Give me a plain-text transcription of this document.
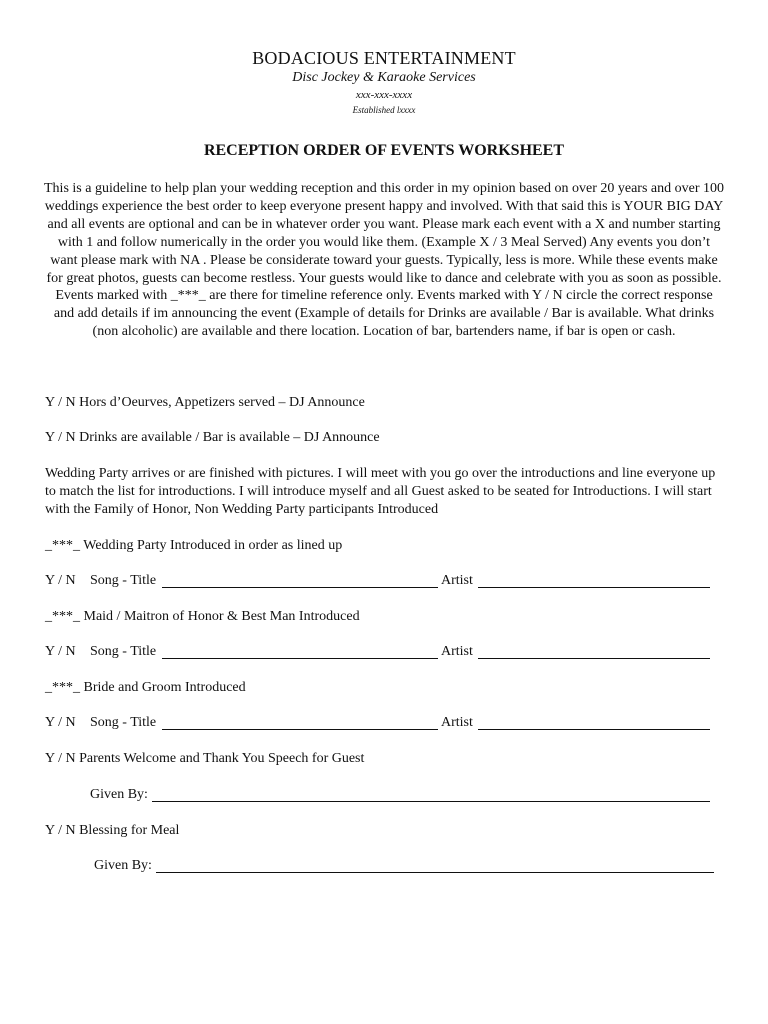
BODACIOUS ENTERTAINMENT
Disc Jockey & Karaoke Services
xxx-xxx-xxxx
Established lxxxx
RECEPTION ORDER OF EVENTS WORKSHEET
This is a guideline to help plan your wedding reception and this order in my opinion based on over 20 years and over 100 weddings experience the best order to keep everyone present happy and involved. With that said this is YOUR BIG DAY and all events are optional and can be in whatever order you want. Please mark each event with a X and number starting with 1 and follow numerically in the order you would like them. (Example X / 3 Meal Served) Any events you don’t want please mark with NA . Please be considerate toward your guests. Typically, less is more. While these events make for great photos, guests can become restless. Your guests would like to dance and celebrate with you as soon as possible. Events marked with _***_ are there for timeline reference only. Events marked with Y / N circle the correct response and add details if im announcing the event (Example of details for Drinks are available / Bar is available. What drinks (non alcoholic) are available and there location. Location of bar, bartenders name, if bar is open or cash.
Y / N Hors d’Oeurves, Appetizers served – DJ Announce
Y / N Drinks are available / Bar is available – DJ Announce
Wedding Party arrives or are finished with pictures. I will meet with you go over the introductions and line everyone up to match the list for introductions. I will introduce myself and all Guest asked to be seated for Introductions. I will start with the Family of Honor, Non Wedding Party participants Introduced
_***_ Wedding Party Introduced in order as lined up
Y / N Song - Title	Artist
_***_ Maid / Maitron of Honor & Best Man Introduced
Y / N Song - Title	Artist
_***_ Bride and Groom Introduced
Y / N Song - Title	Artist
Y / N Parents Welcome and Thank You Speech for Guest
Given By:
Y / N Blessing for Meal
Given By:
